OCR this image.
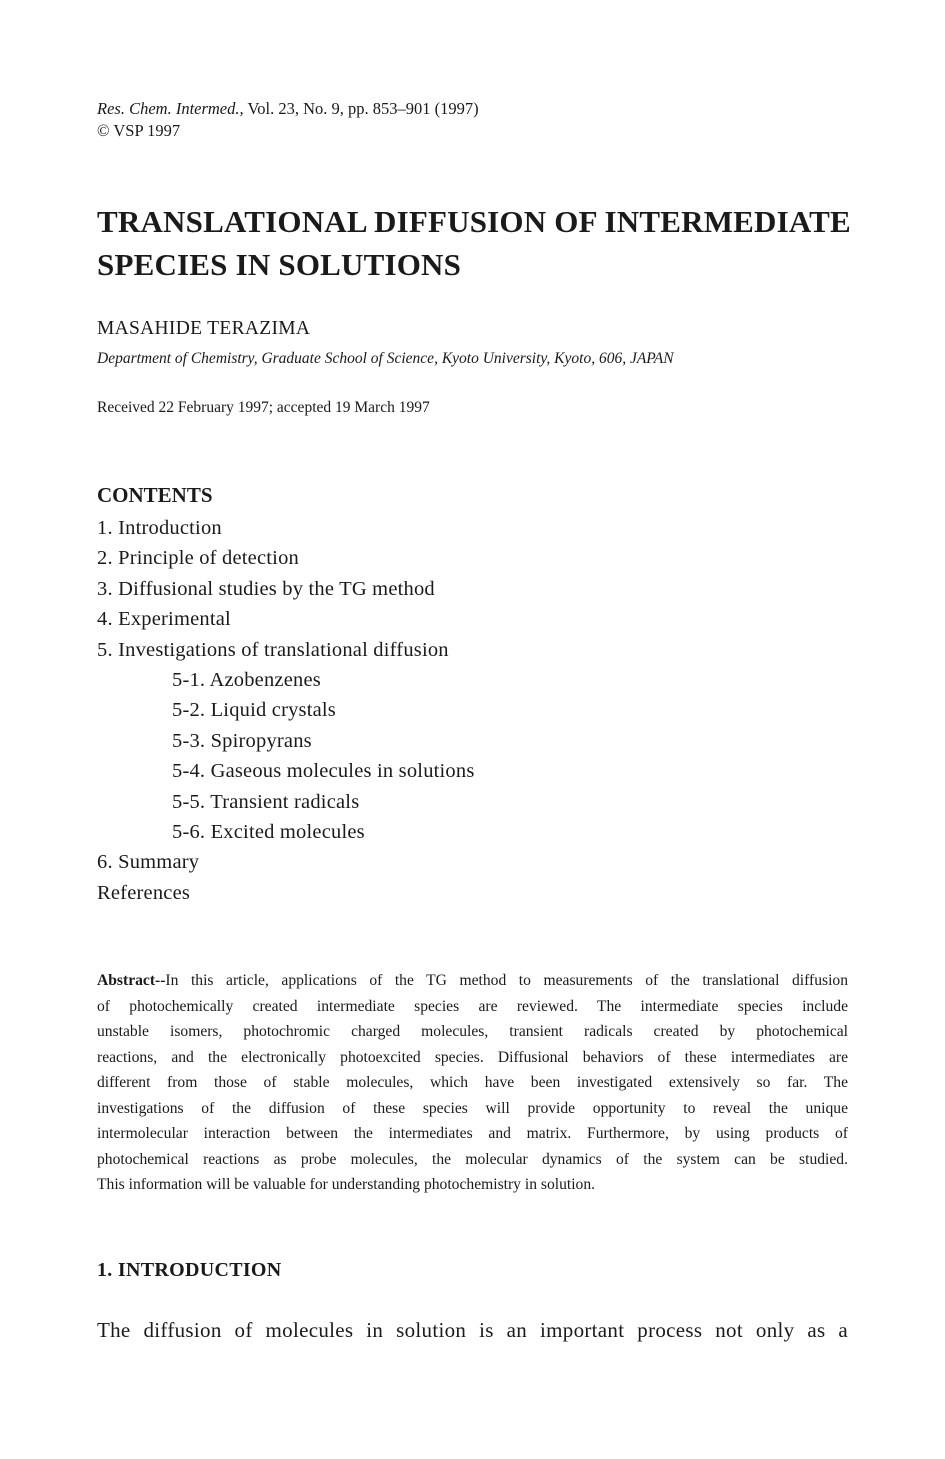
Res. Chem. Intermed., Vol. 23, No. 9, pp. 853–901 (1997)
© VSP 1997
TRANSLATIONAL DIFFUSION OF INTERMEDIATE
SPECIES IN SOLUTIONS
MASAHIDE TERAZIMA
Department of Chemistry, Graduate School of Science, Kyoto University, Kyoto, 606, JAPAN
Received 22 February 1997; accepted 19 March 1997
CONTENTS
1. Introduction
2. Principle of detection
3. Diffusional studies by the TG method
4. Experimental
5. Investigations of translational diffusion
5-1. Azobenzenes
5-2. Liquid crystals
5-3. Spiropyrans
5-4. Gaseous molecules in solutions
5-5. Transient radicals
5-6. Excited molecules
6. Summary
References
Abstract--In this article, applications of the TG method to measurements of the translational diffusion
of photochemically created intermediate species are reviewed. The intermediate species include
unstable isomers, photochromic charged molecules, transient radicals created by photochemical
reactions, and the electronically photoexcited species. Diffusional behaviors of these intermediates are
different from those of stable molecules, which have been investigated extensively so far. The
investigations of the diffusion of these species will provide opportunity to reveal the unique
intermolecular interaction between the intermediates and matrix. Furthermore, by using products of
photochemical reactions as probe molecules, the molecular dynamics of the system can be studied.
This information will be valuable for understanding photochemistry in solution.
1. INTRODUCTION
The diffusion of molecules in solution is an important process not only as a
